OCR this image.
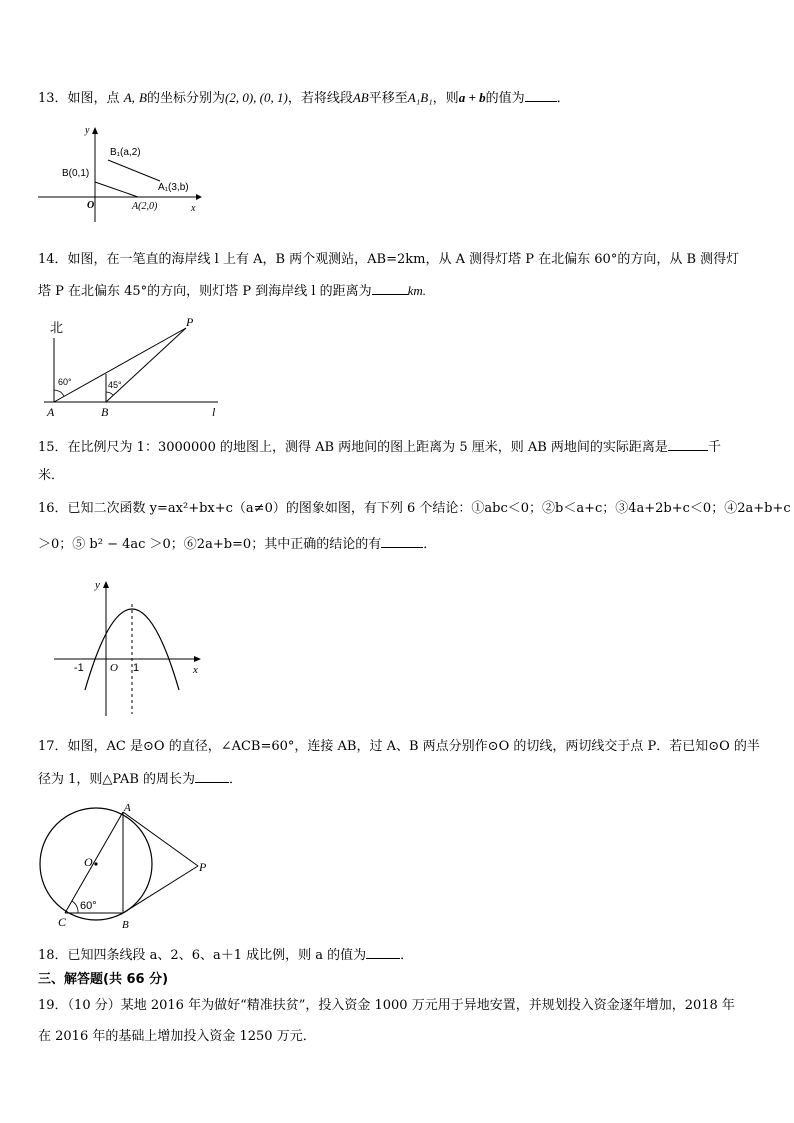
13．如图，点 A, B的坐标分别为(2, 0), (0, 1)，若将线段AB平移至A₁B₁，则a + b的值为 ．
y
x
O
B(0,1)
B₁(a,2)
A₁(3,b)
A(2,0)
14．如图，在一笔直的海岸线 l 上有 A，B 两个观测站，AB=2km，从 A 测得灯塔 P 在北偏东 60°的方向，从 B 测得灯
塔 P 在北偏东 45°的方向，则灯塔 P 到海岸线 l 的距离为	km.
北	P
60°	45°
A	B	l
15．在比例尺为 1：3000000 的地图上，测得 AB 两地间的图上距离为 5 厘米，则 AB 两地间的实际距离是	千
米．
16．已知二次函数 y=ax²+bx+c（a≠0）的图象如图，有下列 6 个结论：①abc＜0；②b＜a+c；③4a+2b+c＜0；④2a+b+c
＞0；⑤ b² − 4ac ＞0；⑥2a+b=0；其中正确的结论的有	．
y
x
O
-1	1
17．如图，AC 是⊙O 的直径，∠ACB=60°，连接 AB，过 A、B 两点分别作⊙O 的切线，两切线交于点 P．若已知⊙O 的半
径为 1，则△PAB 的周长为	．
A
B
C
O	P
60°
18．已知四条线段 a、2、6、a＋1 成比例，则 a 的值为	．
三、解答题(共 66 分)
19．（10 分）某地 2016 年为做好“精准扶贫”，投入资金 1000 万元用于异地安置，并规划投入资金逐年增加，2018 年
在 2016 年的基础上增加投入资金 1250 万元．
